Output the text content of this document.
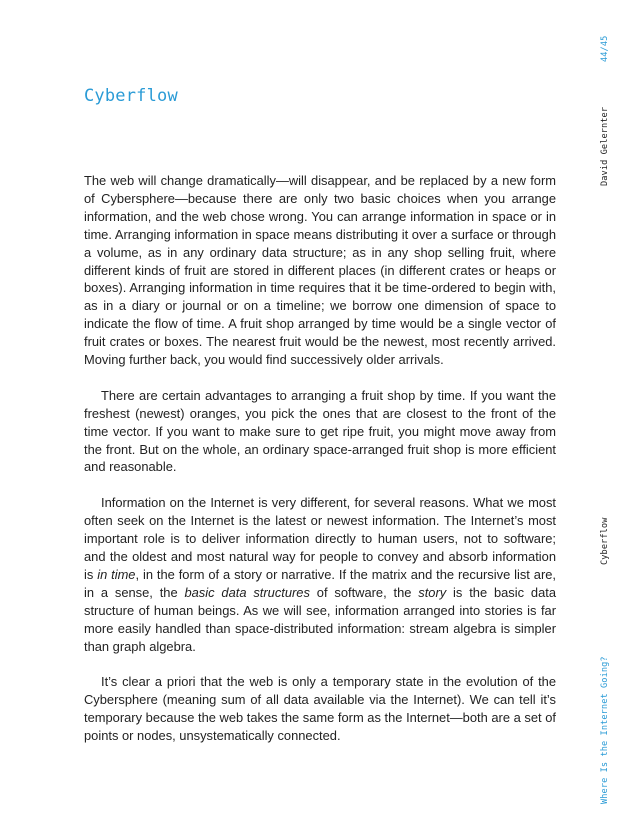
Cyberflow

The web will change dramatically—will disappear, and be replaced by a new form of Cybersphere—because there are only two basic choices when you arrange information, and the web chose wrong. You can arrange information in space or in time. Arranging information in space means distributing it over a surface or through a volume, as in any ordinary data structure; as in any shop selling fruit, where different kinds of fruit are stored in different places (in different crates or heaps or boxes). Arranging information in time requires that it be time-ordered to begin with, as in a diary or journal or on a timeline; we borrow one dimension of space to indicate the flow of time. A fruit shop arranged by time would be a single vector of fruit crates or boxes. The nearest fruit would be the newest, most recently arrived. Moving further back, you would find successively older arrivals.

There are certain advantages to arranging a fruit shop by time. If you want the freshest (newest) oranges, you pick the ones that are closest to the front of the time vector. If you want to make sure to get ripe fruit, you might move away from the front. But on the whole, an ordinary space-arranged fruit shop is more efficient and reasonable.

Information on the Internet is very different, for several reasons. What we most often seek on the Internet is the latest or newest information. The Internet’s most important role is to deliver information directly to human users, not to software; and the oldest and most natural way for people to convey and absorb information is in time, in the form of a story or narrative. If the matrix and the recursive list are, in a sense, the basic data structures of software, the story is the basic data structure of human beings. As we will see, information arranged into stories is far more easily handled than space-distributed information: stream algebra is simpler than graph algebra.

It’s clear a priori that the web is only a temporary state in the evolution of the Cybersphere (meaning sum of all data available via the Internet). We can tell it’s temporary because the web takes the same form as the Internet—both are a set of points or nodes, unsystematically connected.

44/45
David Gelernter
Cyberflow
Where Is the Internet Going?
